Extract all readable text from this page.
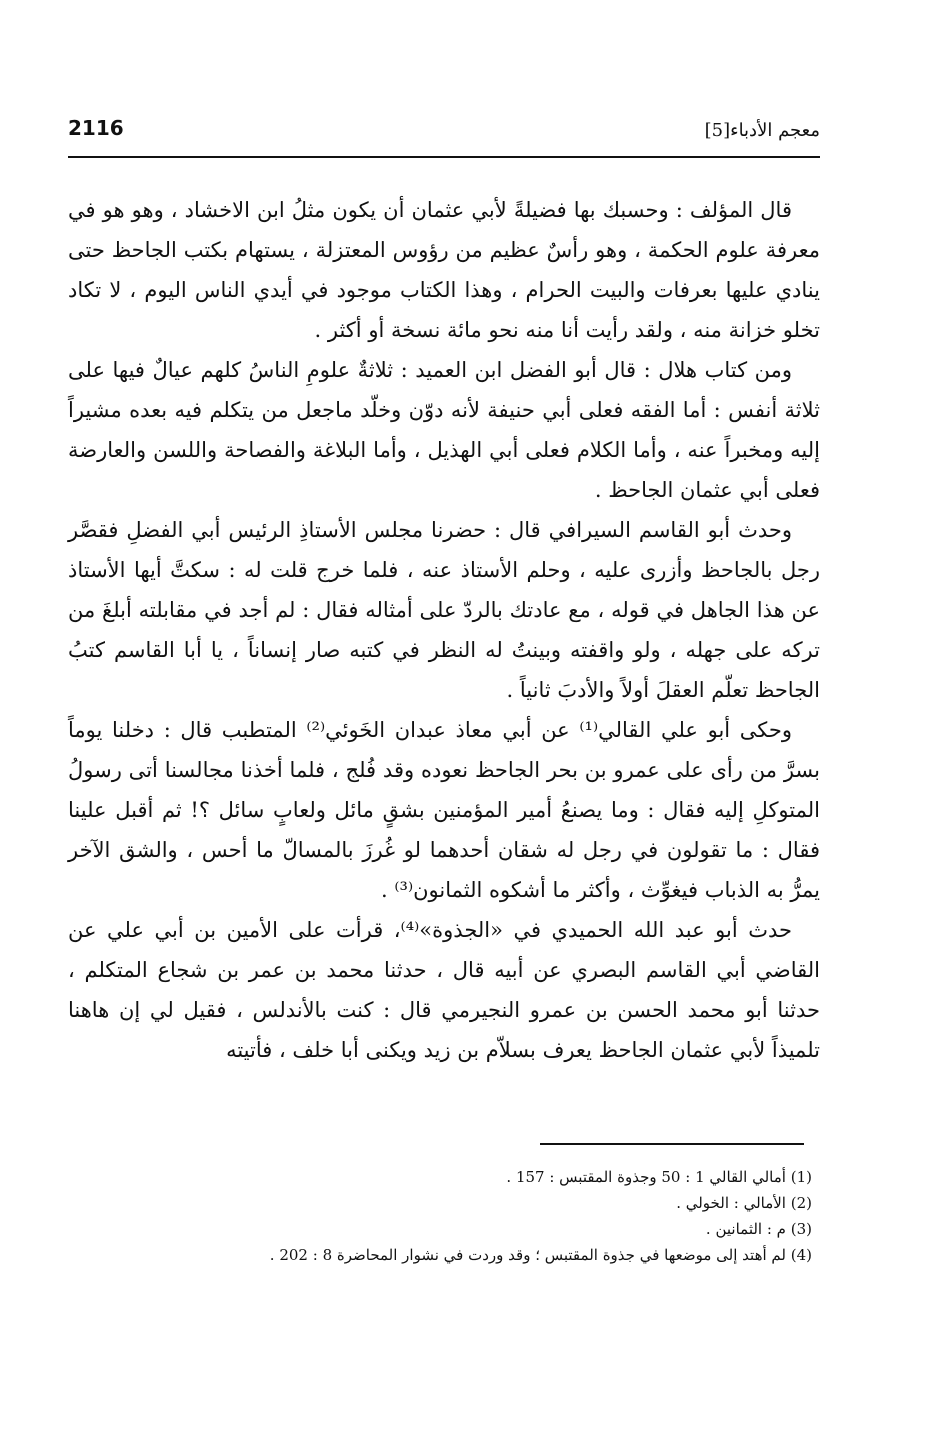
2116	معجم الأدباء[5]

قال المؤلف : وحسبك بها فضيلةً لأبي عثمان أن يكون مثلُ ابن الاخشاد ، وهو هو في معرفة علوم الحكمة ، وهو رأسٌ عظيم من رؤوس المعتزلة ، يستهام بكتب الجاحظ حتى ينادي عليها بعرفات والبيت الحرام ، وهذا الكتاب موجود في أيدي الناس اليوم ، لا تكاد تخلو خزانة منه ، ولقد رأيت أنا منه نحو مائة نسخة أو أكثر .

ومن كتاب هلال : قال أبو الفضل ابن العميد : ثلاثةٌ علومِ الناسُ كلهم عيالٌ فيها على ثلاثة أنفس : أما الفقه فعلى أبي حنيفة لأنه دوّن وخلّد ماجعل من يتكلم فيه بعده مشيراً إليه ومخبراً عنه ، وأما الكلام فعلى أبي الهذيل ، وأما البلاغة والفصاحة واللسن والعارضة فعلى أبي عثمان الجاحظ .

وحدث أبو القاسم السيرافي قال : حضرنا مجلس الأستاذِ الرئيس أبي الفضلِ فقصَّر رجل بالجاحظ وأزرى عليه ، وحلم الأستاذ عنه ، فلما خرج قلت له : سكتَّ أيها الأستاذ عن هذا الجاهل في قوله ، مع عادتك بالردّ على أمثاله فقال : لم أجد في مقابلته أبلغَ من تركه على جهله ، ولو واقفته وبينتُ له النظر في كتبه صار إنساناً ، يا أبا القاسم كتبُ الجاحظ تعلّم العقلَ أولاً والأدبَ ثانياً .

وحكى أبو علي القالي⁽¹⁾ عن أبي معاذ عبدان الخَوئي⁽²⁾ المتطبب قال : دخلنا يوماً بسرَّ من رأى على عمرو بن بحر الجاحظ نعوده وقد فُلج ، فلما أخذنا مجالسنا أتى رسولُ المتوكلِ إليه فقال : وما يصنعُ أمير المؤمنين بشقٍ مائل ولعابٍ سائل ؟! ثم أقبل علينا فقال : ما تقولون في رجل له شقان أحدهما لو غُرزَ بالمسالّ ما أحس ، والشق الآخر يمرُّ به الذباب فيغوِّث ، وأكثر ما أشكوه الثمانون⁽³⁾ .

حدث أبو عبد الله الحميدي في «الجذوة»⁽⁴⁾، قرأت على الأمين بن أبي علي عن القاضي أبي القاسم البصري عن أبيه قال ، حدثنا محمد بن عمر بن شجاع المتكلم ، حدثنا أبو محمد الحسن بن عمرو النجيرمي قال : كنت بالأندلس ، فقيل لي إن هاهنا تلميذاً لأبي عثمان الجاحظ يعرف بسلاّم بن زيد ويكنى أبا خلف ، فأتيته

(1) أمالي القالي 1 : 50 وجذوة المقتبس : 157 .

(2) الأمالي : الخولي .

(3) م : الثمانين .

(4) لم أهتد إلى موضعها في جذوة المقتبس ؛ وقد وردت في نشوار المحاضرة 8 : 202 .
